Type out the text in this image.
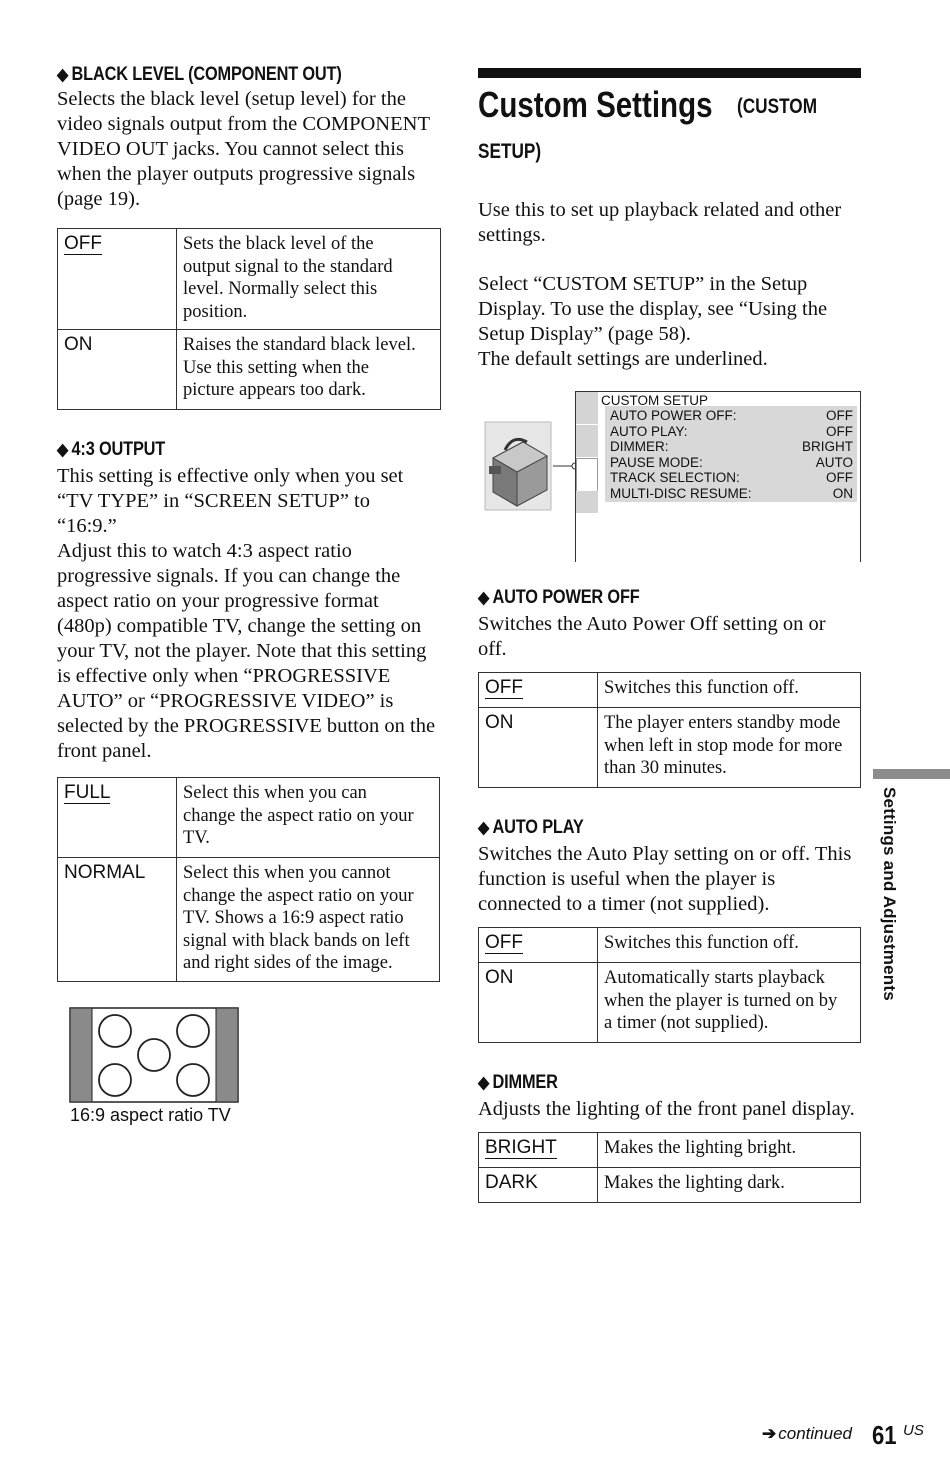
◆ BLACK LEVEL (COMPONENT OUT)

Selects the black level (setup level) for the

video signals output from the COMPONENT

VIDEO OUT jacks. You cannot select this

when the player outputs progressive signals

(page 19).

OFF	Sets the black level of the
output signal to the standard
level. Normally select this
position.

ON	Raises the standard black level.
Use this setting when the
picture appears too dark.
◆ 4:3 OUTPUT

This setting is effective only when you set

“TV TYPE” in “SCREEN SETUP” to

“16:9.”

Adjust this to watch 4:3 aspect ratio

progressive signals. If you can change the

aspect ratio on your progressive format

(480p) compatible TV, change the setting on

your TV, not the player. Note that this setting

is effective only when “PROGRESSIVE

AUTO” or “PROGRESSIVE VIDEO” is

selected by the PROGRESSIVE button on the

front panel.

FULL	Select this when you can
change the aspect ratio on your
TV.

NORMAL	Select this when you cannot
change the aspect ratio on your
TV. Shows a 16:9 aspect ratio
signal with black bands on left
and right sides of the image.
16:9 aspect ratio TV
Custom Settings (CUSTOM
SETUP)

Use this to set up playback related and other

settings.

Select “CUSTOM SETUP” in the Setup

Display. To use the display, see “Using the

Setup Display” (page 58).

The default settings are underlined.

CUSTOM SETUP
AUTO POWER OFF:	OFF
AUTO PLAY:	OFF
DIMMER:	BRIGHT
PAUSE MODE:	AUTO
TRACK SELECTION:	OFF
MULTI-DISC RESUME:	ON
◆ AUTO POWER OFF

Switches the Auto Power Off setting on or

off.

OFF	Switches this function off.

ON	The player enters standby mode
when left in stop mode for more
than 30 minutes.
◆ AUTO PLAY

Switches the Auto Play setting on or off. This

function is useful when the player is

connected to a timer (not supplied).

OFF	Switches this function off.

ON	Automatically starts playback
when the player is turned on by
a timer (not supplied).
◆ DIMMER

Adjusts the lighting of the front panel display.

BRIGHT	Makes the lighting bright.

DARK	Makes the lighting dark.
Settings and Adjustments
➔ continued 61 US
